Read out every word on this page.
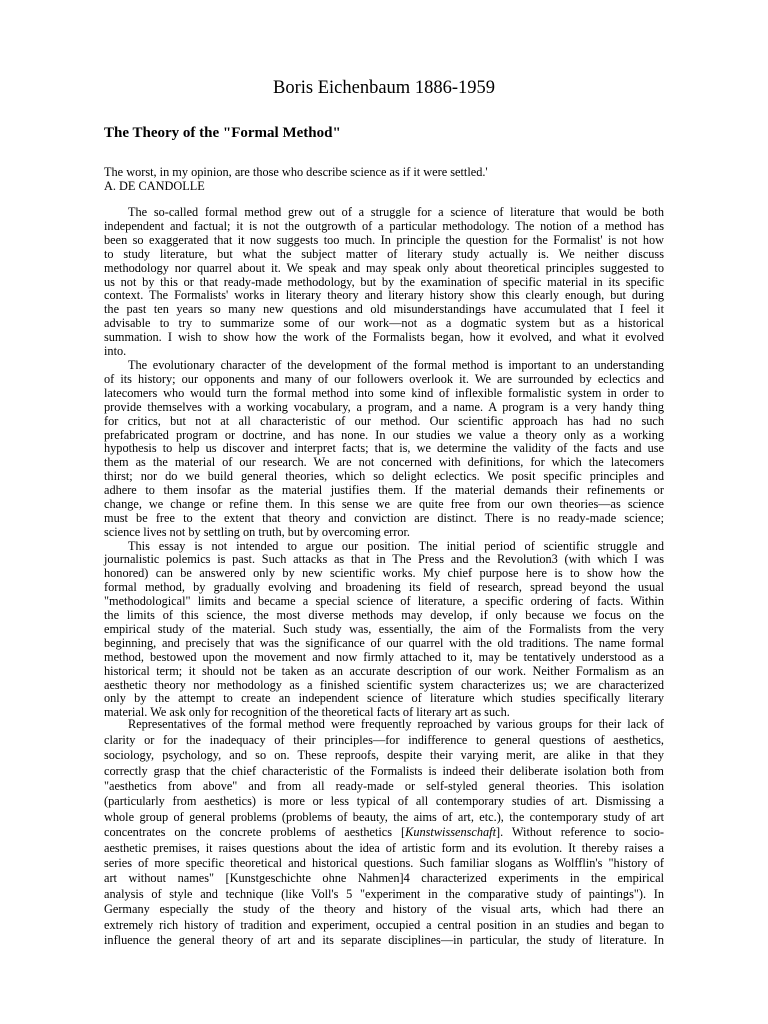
Boris Eichenbaum 1886-1959
The Theory of the "Formal Method"
The worst, in my opinion, are those who describe science as if it were settled.'
A. DE CANDOLLE
The so-called formal method grew out of a struggle for a science of literature that would be both
independent and factual; it is not the outgrowth of a particular methodology. The notion of a method has
been so exaggerated that it now suggests too much. In principle the question for the Formalist' is not how
to study literature, but what the subject matter of literary study actually is. We neither discuss
methodology nor quarrel about it. We speak and may speak only about theoretical principles suggested to
us not by this or that ready-made methodology, but by the examination of specific material in its specific
context. The Formalists' works in literary theory and literary history show this clearly enough, but during
the past ten years so many new questions and old misunderstandings have accumulated that I feel it
advisable to try to summarize some of our work—not as a dogmatic system but as a historical
summation. I wish to show how the work of the Formalists began, how it evolved, and what it evolved
into.
The evolutionary character of the development of the formal method is important to an understanding
of its history; our opponents and many of our followers overlook it. We are surrounded by eclectics and
latecomers who would turn the formal method into some kind of inflexible formalistic system in order to
provide themselves with a working vocabulary, a program, and a name. A program is a very handy thing
for critics, but not at all characteristic of our method. Our scientific approach has had no such
prefabricated program or doctrine, and has none. In our studies we value a theory only as a working
hypothesis to help us discover and interpret facts; that is, we determine the validity of the facts and use
them as the material of our research. We are not concerned with definitions, for which the latecomers
thirst; nor do we build general theories, which so delight eclectics. We posit specific principles and
adhere to them insofar as the material justifies them. If the material demands their refinements or
change, we change or refine them. In this sense we are quite free from our own theories—as science
must be free to the extent that theory and conviction are distinct. There is no ready-made science;
science lives not by settling on truth, but by overcoming error.
This essay is not intended to argue our position. The initial period of scientific struggle and
journalistic polemics is past. Such attacks as that in The Press and the Revolution3 (with which I was
honored) can be answered only by new scientific works. My chief purpose here is to show how the
formal method, by gradually evolving and broadening its field of research, spread beyond the usual
"methodological" limits and became a special science of literature, a specific ordering of facts. Within
the limits of this science, the most diverse methods may develop, if only because we focus on the
empirical study of the material. Such study was, essentially, the aim of the Formalists from the very
beginning, and precisely that was the significance of our quarrel with the old traditions. The name formal
method, bestowed upon the movement and now firmly attached to it, may be tentatively understood as a
historical term; it should not be taken as an accurate description of our work. Neither Formalism as an
aesthetic theory nor methodology as a finished scientific system characterizes us; we are characterized
only by the attempt to create an independent science of literature which studies specifically literary
material. We ask only for recognition of the theoretical facts of literary art as such.
Representatives of the formal method were frequently reproached by various groups for their lack of
clarity or for the inadequacy of their principles—for indifference to general questions of aesthetics,
sociology, psychology, and so on. These reproofs, despite their varying merit, are alike in that they
correctly grasp that the chief characteristic of the Formalists is indeed their deliberate isolation both from
"aesthetics from above" and from all ready-made or self-styled general theories. This isolation
(particularly from aesthetics) is more or less typical of all contemporary studies of art. Dismissing a
whole group of general problems (problems of beauty, the aims of art, etc.), the contemporary study of art
concentrates on the concrete problems of aesthetics [Kunstwissenschaft]. Without reference to socio-
aesthetic premises, it raises questions about the idea of artistic form and its evolution. It thereby raises a
series of more specific theoretical and historical questions. Such familiar slogans as Wolfflin's "history of
art without names" [Kunstgeschichte ohne Nahmen]4 characterized experiments in the empirical
analysis of style and technique (like Voll's 5 "experiment in the comparative study of paintings"). In
Germany especially the study of the theory and history of the visual arts, which had there an
extremely rich history of tradition and experiment, occupied a central position in an studies and began to
influence the general theory of art and its separate disciplines—in particular, the study of literature. In
